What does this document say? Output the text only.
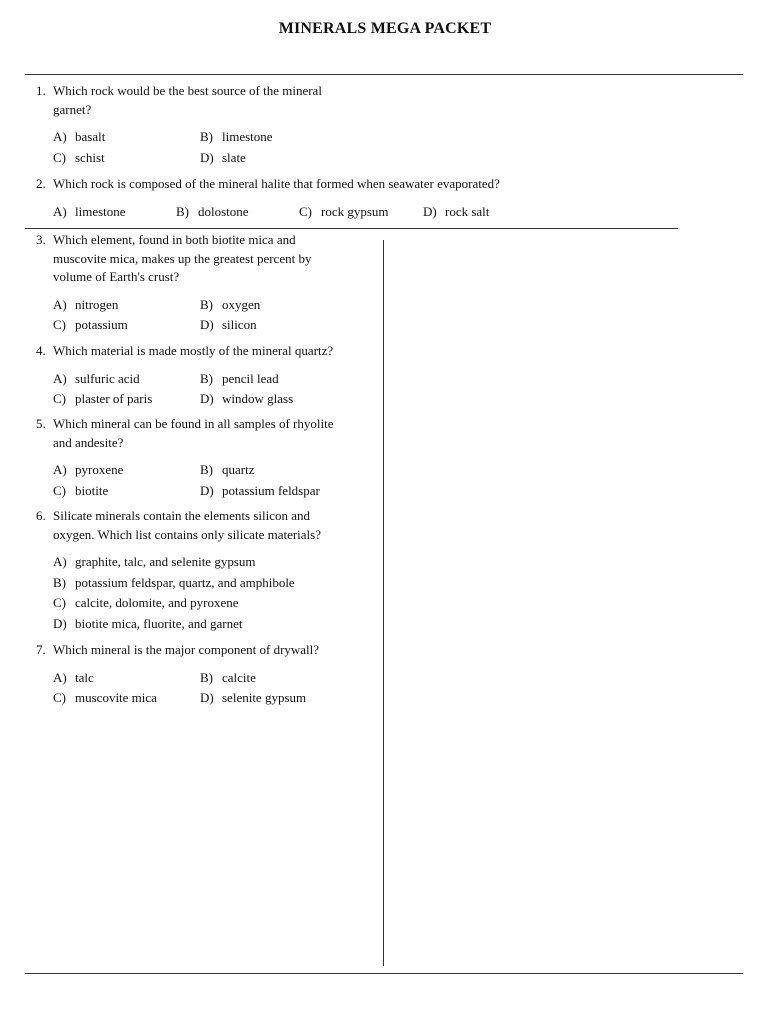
MINERALS MEGA PACKET
1. Which rock would be the best source of the mineral
garnet?
A) basalt	B) limestone
C) schist	D) slate
2. Which rock is composed of the mineral halite that formed when seawater evaporated?
A) limestone	B) dolostone	C) rock gypsum	D) rock salt
3. Which element, found in both biotite mica and
muscovite mica, makes up the greatest percent by
volume of Earth's crust?
A) nitrogen	B) oxygen
C) potassium	D) silicon
4. Which material is made mostly of the mineral quartz?
A) sulfuric acid	B) pencil lead
C) plaster of paris	D) window glass
5. Which mineral can be found in all samples of rhyolite
and andesite?
A) pyroxene	B) quartz
C) biotite	D) potassium feldspar
6. Silicate minerals contain the elements silicon and
oxygen. Which list contains only silicate materials?
A) graphite, talc, and selenite gypsum
B) potassium feldspar, quartz, and amphibole
C) calcite, dolomite, and pyroxene
D) biotite mica, fluorite, and garnet
7. Which mineral is the major component of drywall?
A) talc	B) calcite
C) muscovite mica	D) selenite gypsum
